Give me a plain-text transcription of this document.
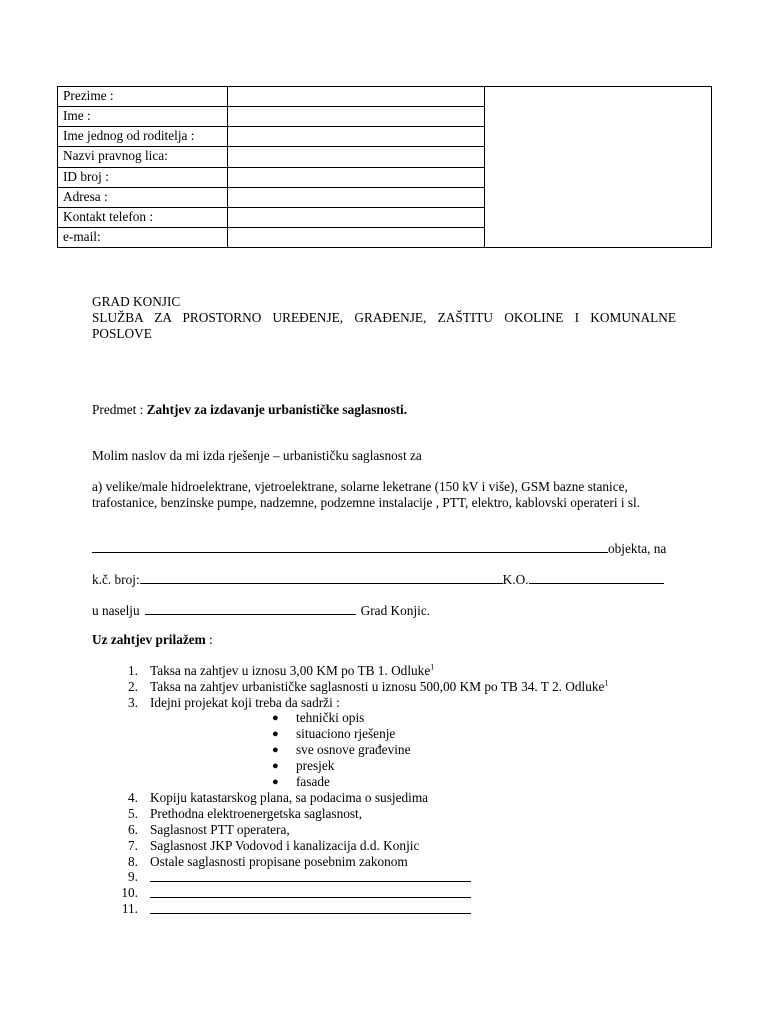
Prezime :		
Ime :		
Ime jednog od roditelja :		
Nazvi pravnog lica:		
ID broj :		
Adresa :		
Kontakt telefon :		
e-mail:		
GRAD KONJIC
SLUŽBA ZA PROSTORNO UREĐENJE, GRAĐENJE, ZAŠTITU OKOLINE I KOMUNALNE
POSLOVE
Predmet : Zahtjev za izdavanje urbanističke saglasnosti.
Molim naslov da mi izda rješenje – urbanističku saglasnost za
a) velike/male hidroelektrane, vjetroelektrane, solarne leketrane (150 kV i više), GSM bazne stanice, trafostanice, benzinske pumpe, nadzemne, podzemne instalacije , PTT, elektro, kablovski operateri i sl.
objekta, na
k.č. broj:	K.O.
u naselju	Grad Konjic.
Uz zahtjev prilažem :
1. Taksa na zahtjev u iznosu 3,00 KM po TB 1. Odluke$^1$
2. Taksa na zahtjev urbanističke saglasnosti u iznosu 500,00 KM po TB 34. T 2. Odluke$^1$
3. Idejni projekat koji treba da sadrži :
●	tehnički opis
●	situaciono rješenje
●	sve osnove građevine
●	presjek
●	fasade
4. Kopiju katastarskog plana, sa podacima o susjedima
5. Prethodna elektroenergetska saglasnost,
6. Saglasnost PTT operatera,
7. Saglasnost JKP Vodovod i kanalizacija d.d. Konjic
8. Ostale saglasnosti propisane posebnim zakonom
9.
10.
11.
